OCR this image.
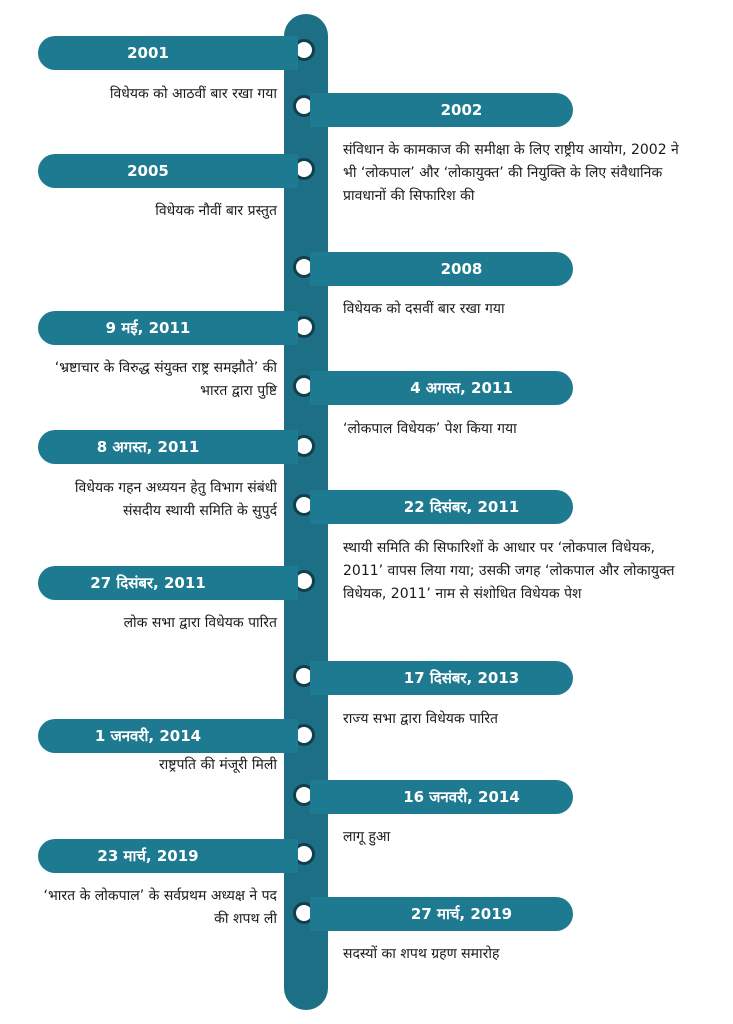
2001
विधेयक को आठवीं बार रखा गया
2002
संविधान के कामकाज की समीक्षा के लिए राष्ट्रीय आयोग, 2002 ने भी ‘लोकपाल’ और ‘लोकायुक्त’ की नियुक्ति के लिए संवैधानिक प्रावधानों की सिफारिश की
2005
विधेयक नौवीं बार प्रस्तुत
2008
विधेयक को दसवीं बार रखा गया
9 मई, 2011
‘भ्रष्टाचार के विरुद्ध संयुक्त राष्ट्र समझौते’ की भारत द्वारा पुष्टि	4 अगस्त, 2011
‘लोकपाल विधेयक’ पेश किया गया
8 अगस्त, 2011
विधेयक गहन अध्ययन हेतु विभाग संबंधी संसदीय स्थायी समिति के सुपुर्द	22 दिसंबर, 2011
स्थायी समिति की सिफारिशों के आधार पर ‘लोकपाल विधेयक, 2011’ वापस लिया गया; उसकी जगह ‘लोकपाल और लोकायुक्त विधेयक, 2011’ नाम से संशोधित विधेयक पेश
27 दिसंबर, 2011
लोक सभा द्वारा विधेयक पारित
17 दिसंबर, 2013
राज्य सभा द्वारा विधेयक पारित
1 जनवरी, 2014
राष्ट्रपति की मंजूरी मिली
16 जनवरी, 2014
लागू हुआ
23 मार्च, 2019
‘भारत के लोकपाल’ के सर्वप्रथम अध्यक्ष ने पद की शपथ ली	27 मार्च, 2019
सदस्यों का शपथ ग्रहण समारोह
